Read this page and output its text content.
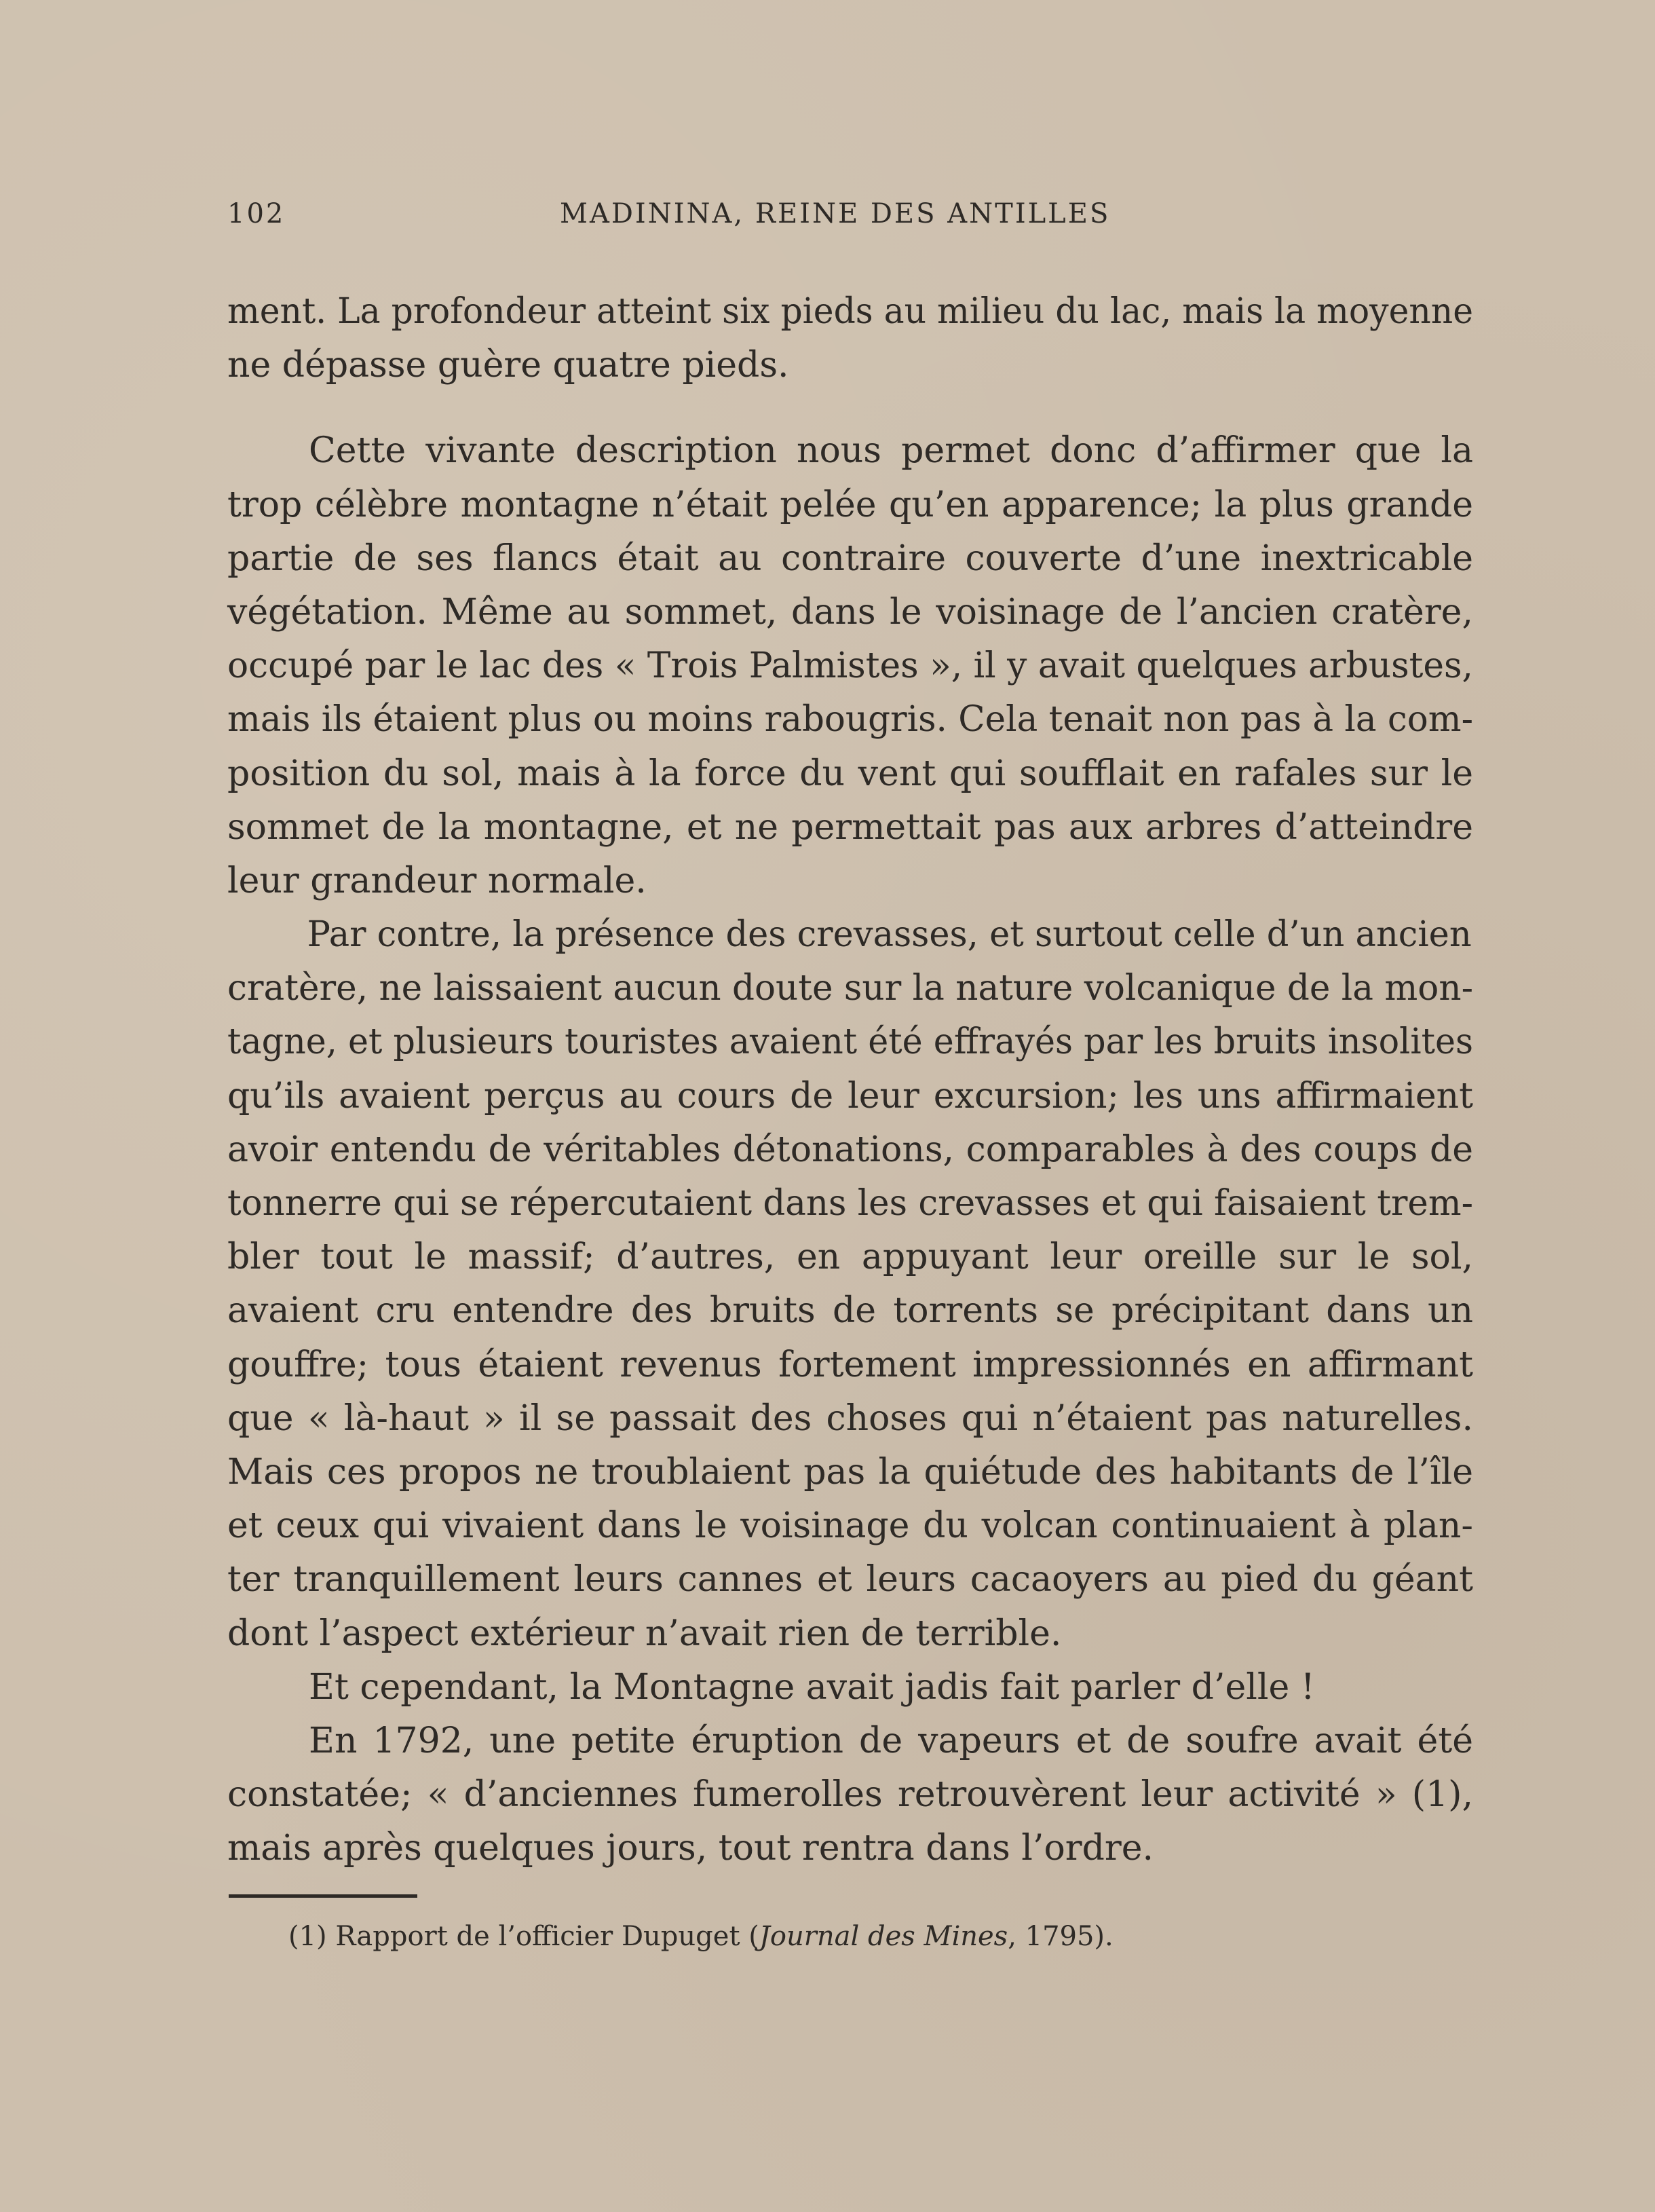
102	MADININA, REINE DES ANTILLES
ment. La profondeur atteint six pieds au milieu du lac, mais la moyenne
ne dépasse guère quatre pieds.
Cette vivante description nous permet donc d’affirmer que la
trop célèbre montagne n’était pelée qu’en apparence; la plus grande
partie de ses flancs était au contraire couverte d’une inextricable
végétation. Même au sommet, dans le voisinage de l’ancien cratère,
occupé par le lac des « Trois Palmistes », il y avait quelques arbustes,
mais ils étaient plus ou moins rabougris. Cela tenait non pas à la com-
position du sol, mais à la force du vent qui soufflait en rafales sur le
sommet de la montagne, et ne permettait pas aux arbres d’atteindre
leur grandeur normale.
Par contre, la présence des crevasses, et surtout celle d’un ancien
cratère, ne laissaient aucun doute sur la nature volcanique de la mon-
tagne, et plusieurs touristes avaient été effrayés par les bruits insolites
qu’ils avaient perçus au cours de leur excursion; les uns affirmaient
avoir entendu de véritables détonations, comparables à des coups de
tonnerre qui se répercutaient dans les crevasses et qui faisaient trem-
bler tout le massif; d’autres, en appuyant leur oreille sur le sol,
avaient cru entendre des bruits de torrents se précipitant dans un
gouffre; tous étaient revenus fortement impressionnés en affirmant
que « là-haut » il se passait des choses qui n’étaient pas naturelles.
Mais ces propos ne troublaient pas la quiétude des habitants de l’île
et ceux qui vivaient dans le voisinage du volcan continuaient à plan-
ter tranquillement leurs cannes et leurs cacaoyers au pied du géant
dont l’aspect extérieur n’avait rien de terrible.
Et cependant, la Montagne avait jadis fait parler d’elle !
En 1792, une petite éruption de vapeurs et de soufre avait été
constatée; « d’anciennes fumerolles retrouvèrent leur activité » (1),
mais après quelques jours, tout rentra dans l’ordre.
(1) Rapport de l’officier Dupuget (Journal des Mines, 1795).
